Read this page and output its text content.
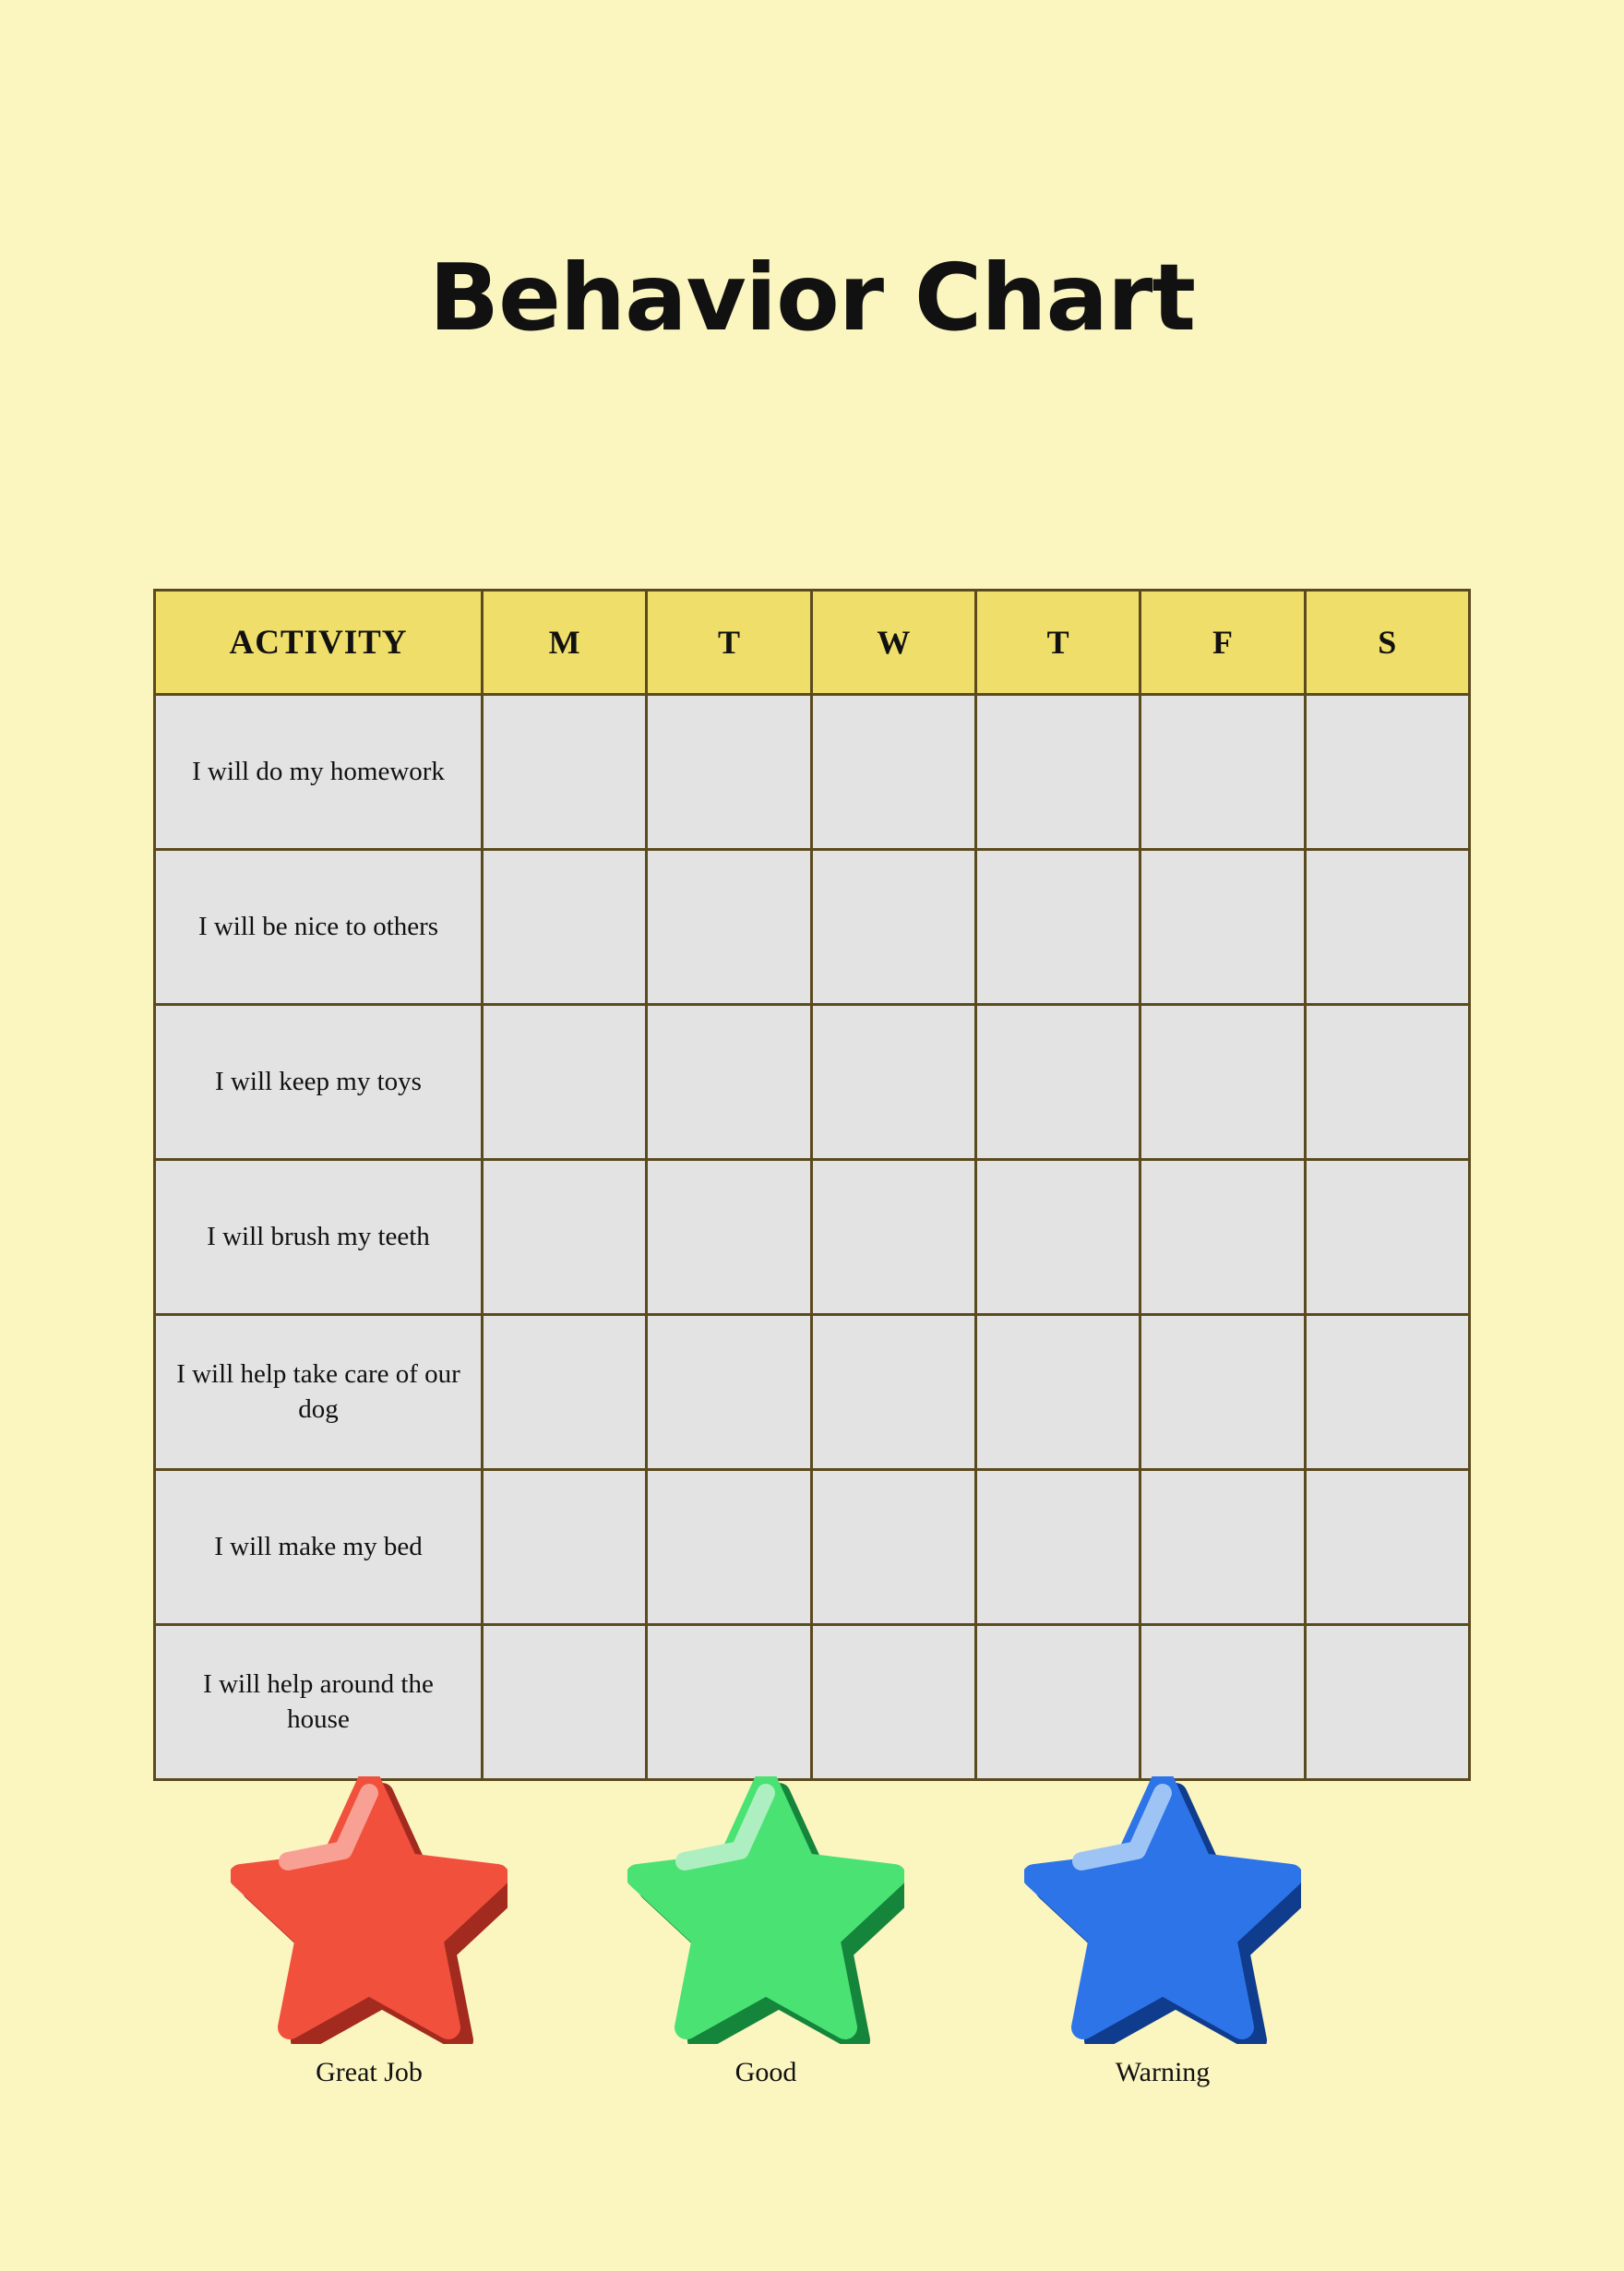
Behavior Chart
ACTIVITY	M	T	W	T	F	S
I will do my homework						
I will be nice to others						
I will keep my toys						
I will brush my teeth						
I will help take care of our dog						
I will make my bed						
I will help around the house						
Great Job	Good	Warning
